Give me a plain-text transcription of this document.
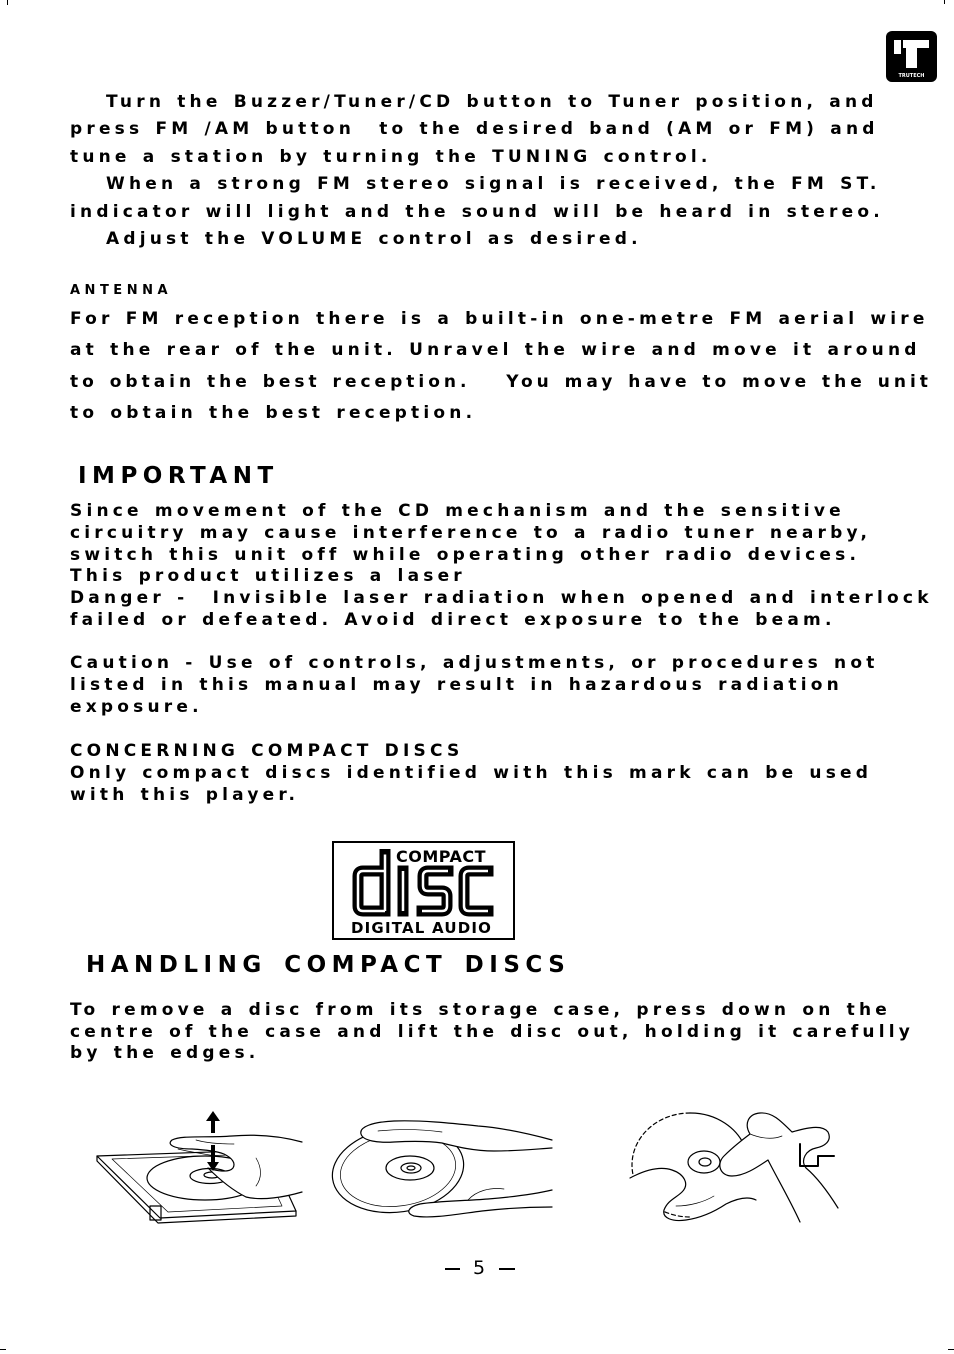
TRUTECH
Turn the Buzzer/Tuner/CD button to Tuner position, and
press FM /AM button  to the desired band (AM or FM) and
tune a station by turning the TUNING control.
When a strong FM stereo signal is received, the FM ST.
indicator will light and the sound will be heard in stereo.
Adjust the VOLUME control as desired.
ANTENNA
For FM reception there is a built-in one-metre FM aerial wire
at the rear of the unit. Unravel the wire and move it around
to obtain the best reception.   You may have to move the unit
to obtain the best reception.
IMPORTANT
Since movement of the CD mechanism and the sensitive
circuitry may cause interference to a radio tuner nearby,
switch this unit off while operating other radio devices.
This product utilizes a laser
Danger -  Invisible laser radiation when opened and interlock
failed or defeated. Avoid direct exposure to the beam.
Caution - Use of controls, adjustments, or procedures not
listed in this manual may result in hazardous radiation
exposure.
CONCERNING COMPACT DISCS
Only compact discs identified with this mark can be used
with this player.
COMPACT
DIGITAL AUDIO
HANDLING COMPACT DISCS
To remove a disc from its storage case, press down on the
centre of the case and lift the disc out, holding it carefully
by the edges.
5
